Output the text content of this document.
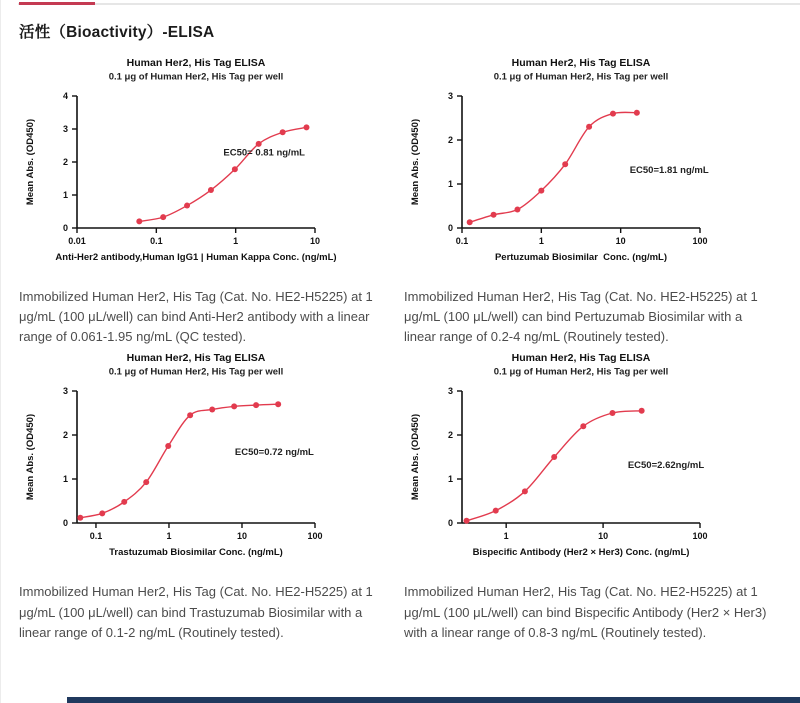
活性（Bioactivity）-ELISA
Human Her2, His Tag ELISA
0.1 μg of Human Her2, His Tag per well
0
1
2
3
4
0.01	0.1	1	10
Mean Abs. (OD450)
Anti-Her2 antibody,Human IgG1 | Human Kappa Conc. (ng/mL)
EC50= 0.81 ng/mL
Human Her2, His Tag ELISA
0.1 μg of Human Her2, His Tag per well
0
1
2
3
0.1	1	10	100
Mean Abs. (OD450)
Pertuzumab Biosimilar  Conc. (ng/mL)
EC50=1.81 ng/mL

Immobilized Human Her2, His Tag (Cat. No. HE2-H5225) at 1 μg/mL (100 μL/well) can bind Anti-Her2 antibody with a linear range of 0.061-1.95 ng/mL (QC tested).

Immobilized Human Her2, His Tag (Cat. No. HE2-H5225) at 1 μg/mL (100 μL/well) can bind Pertuzumab Biosimilar with a linear range of 0.2-4 ng/mL (Routinely tested).

Human Her2, His Tag ELISA
0.1 μg of Human Her2, His Tag per well
0
1
2
3
0.1	1	10	100
Mean Abs. (OD450)
Trastuzumab Biosimilar Conc. (ng/mL)
EC50=0.72 ng/mL
Human Her2, His Tag ELISA
0.1 μg of Human Her2, His Tag per well
0
1
2
3
1	10	100
Mean Abs. (OD450)
Bispecific Antibody (Her2 × Her3) Conc. (ng/mL)
EC50=2.62ng/mL

Immobilized Human Her2, His Tag (Cat. No. HE2-H5225) at 1 μg/mL (100 μL/well) can bind Trastuzumab Biosimilar with a linear range of 0.1-2 ng/mL (Routinely tested).

Immobilized Human Her2, His Tag (Cat. No. HE2-H5225) at 1 μg/mL (100 μL/well) can bind Bispecific Antibody (Her2 × Her3) with a linear range of 0.8-3 ng/mL (Routinely tested).
